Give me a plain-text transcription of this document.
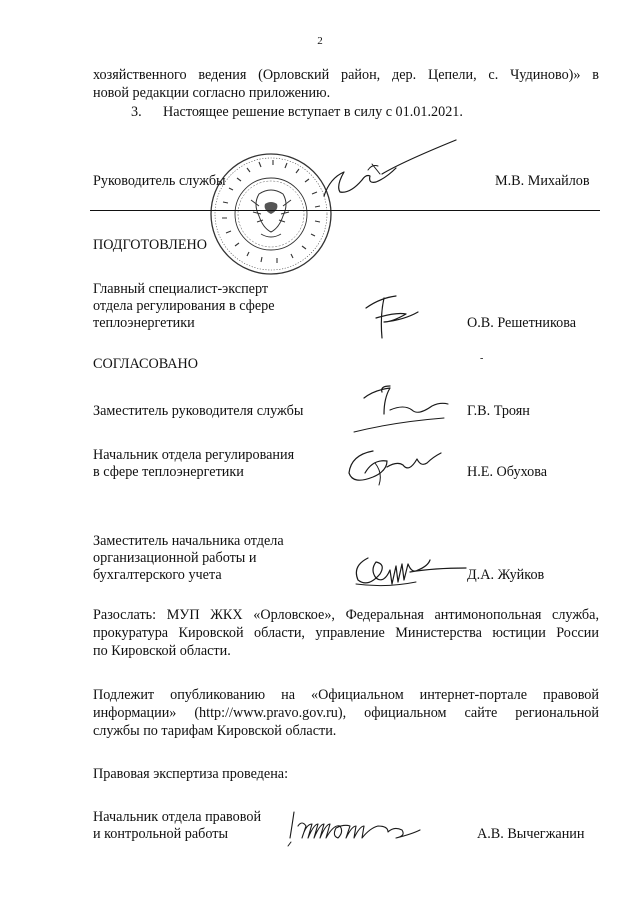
2
хозяйственного ведения (Орловский район, дер. Цепели, с. Чудиново)» в
новой редакции согласно приложению.
3. Настоящее решение вступает в силу с 01.01.2021.
Руководитель службы	М.В. Михайлов
ПОДГОТОВЛЕНО
Главный специалист-эксперт
отдела регулирования в сфере
теплоэнергетики	О.В. Решетникова
СОГЛАСОВАНО	-
Заместитель руководителя службы	Г.В. Троян
Начальник отдела регулирования
в сфере теплоэнергетики	Н.Е. Обухова
Заместитель начальника отдела
организационной работы и
бухгалтерского учета	Д.А. Жуйков
Разослать: МУП ЖКХ «Орловское», Федеральная антимонопольная служба,
прокуратура Кировской области, управление Министерства юстиции России
по Кировской области.
Подлежит опубликованию на «Официальном интернет-портале правовой
информации» (http://www.pravo.gov.ru), официальном сайте региональной
службы по тарифам Кировской области.
Правовая экспертиза проведена:
Начальник отдела правовой
и контрольной работы	А.В. Вычегжанин
